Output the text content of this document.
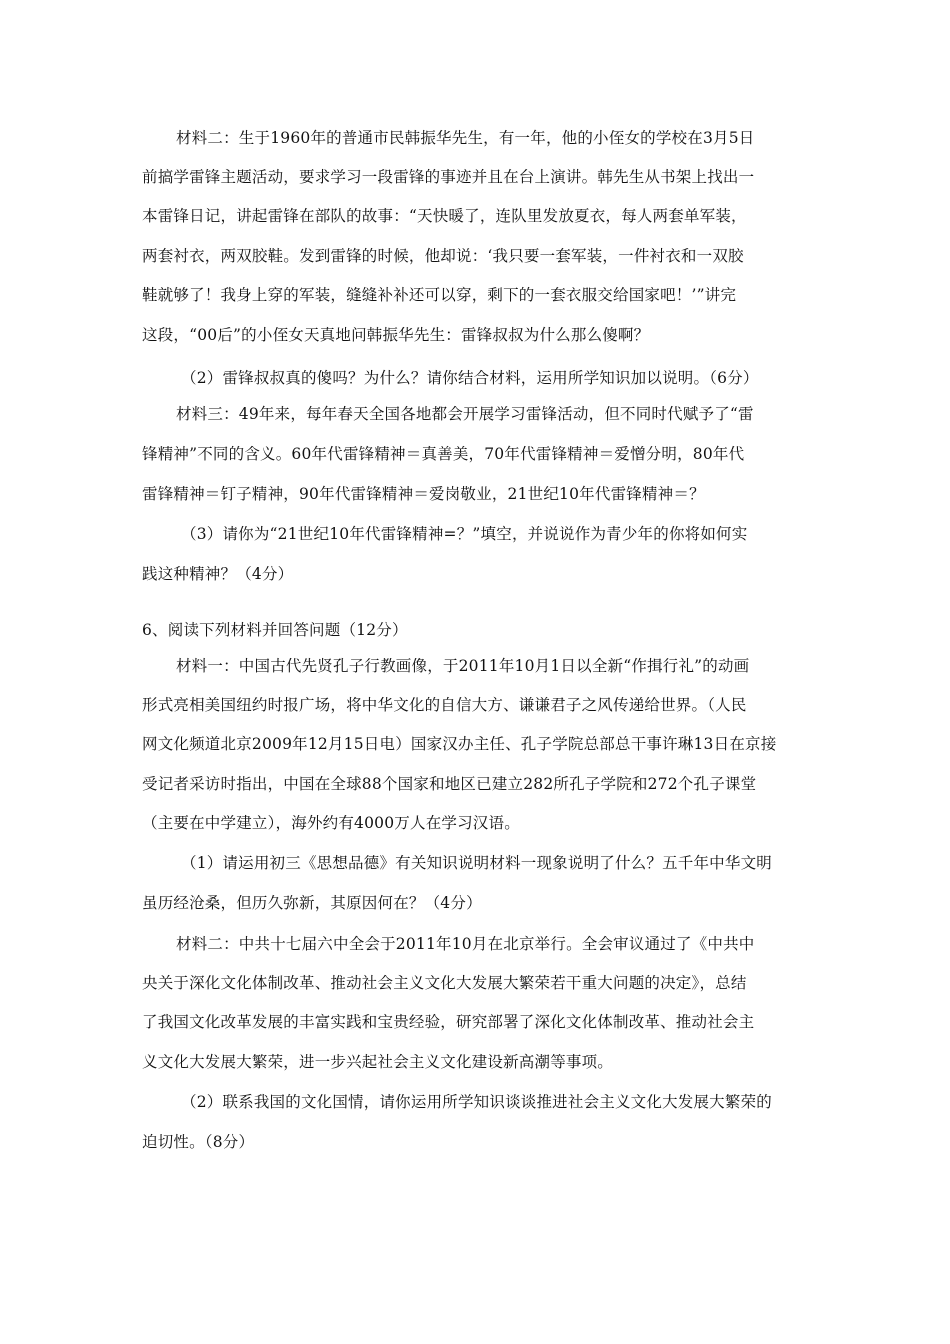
材料二：生于1960年的普通市民韩振华先生，有一年，他的小侄女的学校在3月5日
前搞学雷锋主题活动，要求学习一段雷锋的事迹并且在台上演讲。韩先生从书架上找出一
本雷锋日记，讲起雷锋在部队的故事：“天快暖了，连队里发放夏衣，每人两套单军装，
两套衬衣，两双胶鞋。发到雷锋的时候，他却说：‘我只要一套军装，一件衬衣和一双胶
鞋就够了！我身上穿的军装，缝缝补补还可以穿，剩下的一套衣服交给国家吧！’”讲完
这段，“00后”的小侄女天真地问韩振华先生：雷锋叔叔为什么那么傻啊？
（2）雷锋叔叔真的傻吗？为什么？请你结合材料，运用所学知识加以说明。（6分）
材料三：49年来，每年春天全国各地都会开展学习雷锋活动，但不同时代赋予了“雷
锋精神”不同的含义。60年代雷锋精神＝真善美，70年代雷锋精神＝爱憎分明，80年代
雷锋精神＝钉子精神，90年代雷锋精神＝爱岗敬业，21世纪10年代雷锋精神＝？
（3）请你为“21世纪10年代雷锋精神=？”填空，并说说作为青少年的你将如何实
践这种精神？（4分）
6、阅读下列材料并回答问题（12分）
材料一：中国古代先贤孔子行教画像，于2011年10月1日以全新“作揖行礼”的动画
形式亮相美国纽约时报广场，将中华文化的自信大方、谦谦君子之风传递给世界。（人民
网文化频道北京2009年12月15日电）国家汉办主任、孔子学院总部总干事许琳13日在京接
受记者采访时指出，中国在全球88个国家和地区已建立282所孔子学院和272个孔子课堂
（主要在中学建立），海外约有4000万人在学习汉语。
（1）请运用初三《思想品德》有关知识说明材料一现象说明了什么？五千年中华文明
虽历经沧桑，但历久弥新，其原因何在？（4分）
材料二：中共十七届六中全会于2011年10月在北京举行。全会审议通过了《中共中
央关于深化文化体制改革、推动社会主义文化大发展大繁荣若干重大问题的决定》，总结
了我国文化改革发展的丰富实践和宝贵经验，研究部署了深化文化体制改革、推动社会主
义文化大发展大繁荣，进一步兴起社会主义文化建设新高潮等事项。
（2）联系我国的文化国情，请你运用所学知识谈谈推进社会主义文化大发展大繁荣的
迫切性。（8分）
